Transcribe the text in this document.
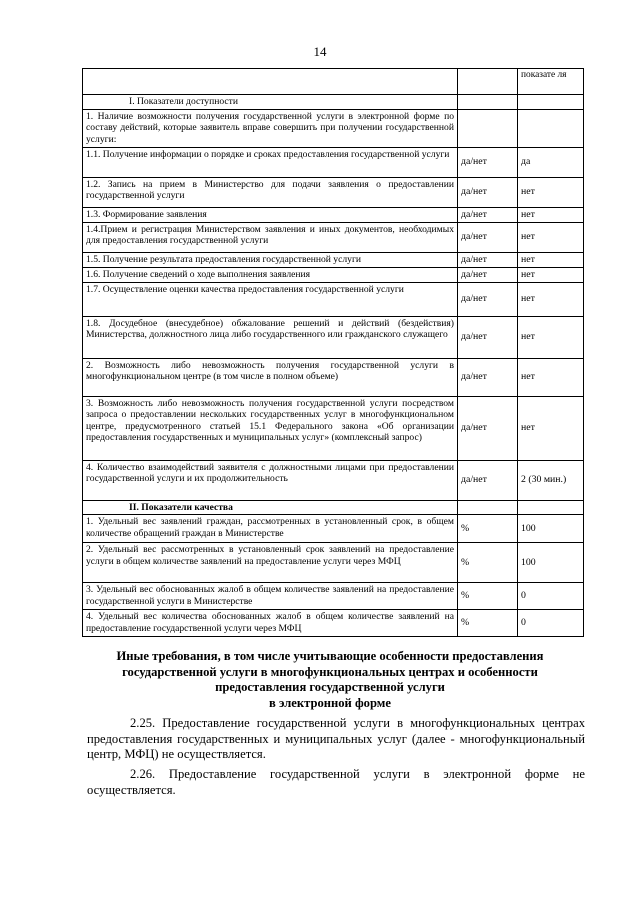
14
		показате ля
I. Показатели доступности		
1. Наличие возможности получения государственной услуги в электронной форме по составу действий, которые заявитель вправе совершить при получении государственной услуги:		
1.1. Получение информации о порядке и сроках предоставления государственной услуги	да/нет	да
1.2. Запись на прием в Министерство для подачи заявления о предоставлении государственной услуги	да/нет	нет
1.3. Формирование заявления	да/нет	нет
1.4.Прием и регистрация Министерством заявления и иных документов, необходимых для предоставления государственной услуги	да/нет	нет
1.5. Получение результата предоставления государственной услуги	да/нет	нет
1.6. Получение сведений о ходе выполнения заявления	да/нет	нет
1.7. Осуществление оценки качества предоставления государственной услуги	да/нет	нет
1.8. Досудебное (внесудебное) обжалование решений и действий (бездействия) Министерства, должностного лица либо государственного или гражданского служащего	да/нет	нет
2. Возможность либо невозможность получения государственной услуги в многофункциональном центре (в том числе в полном объеме)	да/нет	нет
3. Возможность либо невозможность получения государственной услуги посредством запроса о предоставлении нескольких государственных услуг в многофункциональном центре, предусмотренного статьей 15.1 Федерального закона «Об организации предоставления государственных и муниципальных услуг» (комплексный запрос)	да/нет	нет
4. Количество взаимодействий заявителя с должностными лицами при предоставлении государственной услуги и их продолжительность	да/нет	2 (30 мин.)
II. Показатели качества		
1. Удельный вес заявлений граждан, рассмотренных в установленный срок, в общем количестве обращений граждан в Министерстве	%	100
2. Удельный вес рассмотренных в установленный срок заявлений на предоставление услуги в общем количестве заявлений на предоставление услуги через МФЦ	%	100
3. Удельный вес обоснованных жалоб в общем количестве заявлений на предоставление государственной услуги в Министерстве	%	0
4. Удельный вес количества обоснованных жалоб в общем количестве заявлений на предоставление государственной услуги через МФЦ	%	0
Иные требования, в том числе учитывающие особенности предоставления
государственной услуги в многофункциональных центрах и особенности
предоставления государственной услуги
в электронной форме
2.25. Предоставление государственной услуги в многофункциональных центрах предоставления государственных и муниципальных услуг (далее - многофункциональный центр, МФЦ) не осуществляется.
2.26. Предоставление государственной услуги в электронной форме не осуществляется.
